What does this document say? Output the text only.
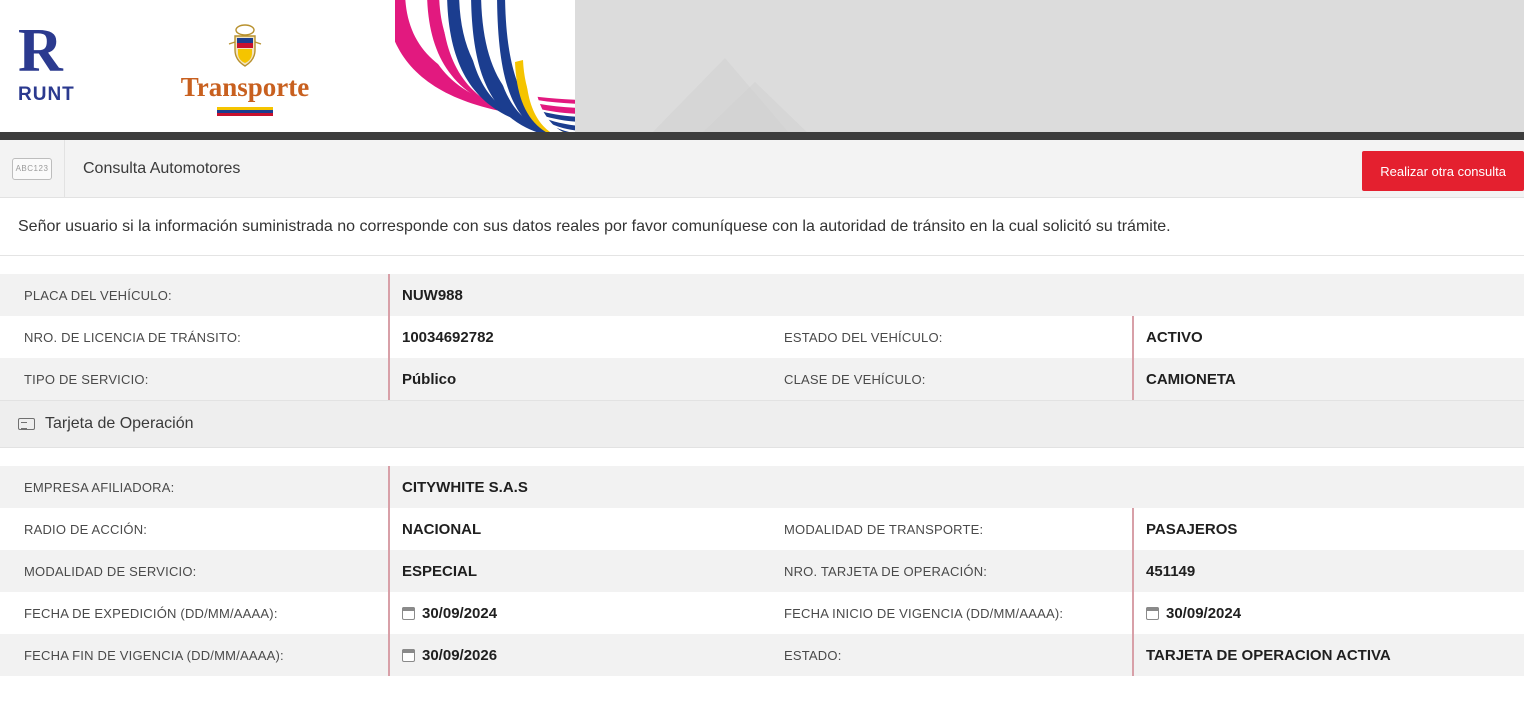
R
RUNT	Transporte
ABC123 Consulta Automotores	Realizar otra consulta
Señor usuario si la información suministrada no corresponde con sus datos reales por favor comuníquese con la autoridad de tránsito en la cual solicitó su trámite.
PLACA DEL VEHÍCULO:	NUW988
NRO. DE LICENCIA DE TRÁNSITO:	10034692782	ESTADO DEL VEHÍCULO:	ACTIVO
TIPO DE SERVICIO:	Público	CLASE DE VEHÍCULO:	CAMIONETA
Tarjeta de Operación
EMPRESA AFILIADORA:	CITYWHITE S.A.S
RADIO DE ACCIÓN:	NACIONAL	MODALIDAD DE TRANSPORTE:	PASAJEROS
MODALIDAD DE SERVICIO:	ESPECIAL	NRO. TARJETA DE OPERACIÓN:	451149
FECHA DE EXPEDICIÓN (DD/MM/AAAA):	30/09/2024	FECHA INICIO DE VIGENCIA (DD/MM/AAAA):	30/09/2024
FECHA FIN DE VIGENCIA (DD/MM/AAAA):	30/09/2026	ESTADO:	TARJETA DE OPERACION ACTIVA
